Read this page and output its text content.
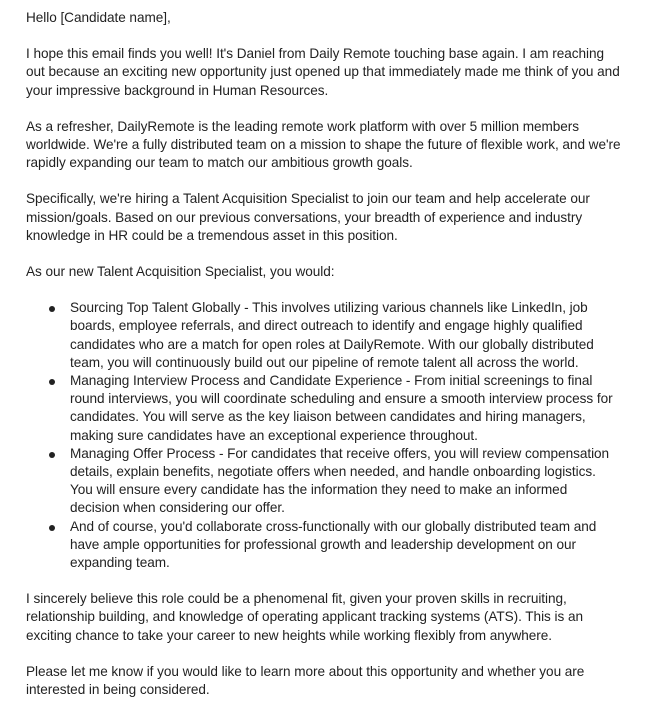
Hello [Candidate name],

I hope this email finds you well! It's Daniel from Daily Remote touching base again. I am reaching out because an exciting new opportunity just opened up that immediately made me think of you and your impressive background in Human Resources.

As a refresher, DailyRemote is the leading remote work platform with over 5 million members worldwide. We're a fully distributed team on a mission to shape the future of flexible work, and we're rapidly expanding our team to match our ambitious growth goals.

Specifically, we're hiring a Talent Acquisition Specialist to join our team and help accelerate our mission/goals. Based on our previous conversations, your breadth of experience and industry knowledge in HR could be a tremendous asset in this position.

As our new Talent Acquisition Specialist, you would:

Sourcing Top Talent Globally - This involves utilizing various channels like LinkedIn, job boards, employee referrals, and direct outreach to identify and engage highly qualified candidates who are a match for open roles at DailyRemote. With our globally distributed team, you will continuously build out our pipeline of remote talent all across the world.
Managing Interview Process and Candidate Experience - From initial screenings to final round interviews, you will coordinate scheduling and ensure a smooth interview process for candidates. You will serve as the key liaison between candidates and hiring managers, making sure candidates have an exceptional experience throughout.
Managing Offer Process - For candidates that receive offers, you will review compensation details, explain benefits, negotiate offers when needed, and handle onboarding logistics. You will ensure every candidate has the information they need to make an informed decision when considering our offer.
And of course, you'd collaborate cross-functionally with our globally distributed team and have ample opportunities for professional growth and leadership development on our expanding team.

I sincerely believe this role could be a phenomenal fit, given your proven skills in recruiting, relationship building, and knowledge of operating applicant tracking systems (ATS). This is an exciting chance to take your career to new heights while working flexibly from anywhere.

Please let me know if you would like to learn more about this opportunity and whether you are interested in being considered.
